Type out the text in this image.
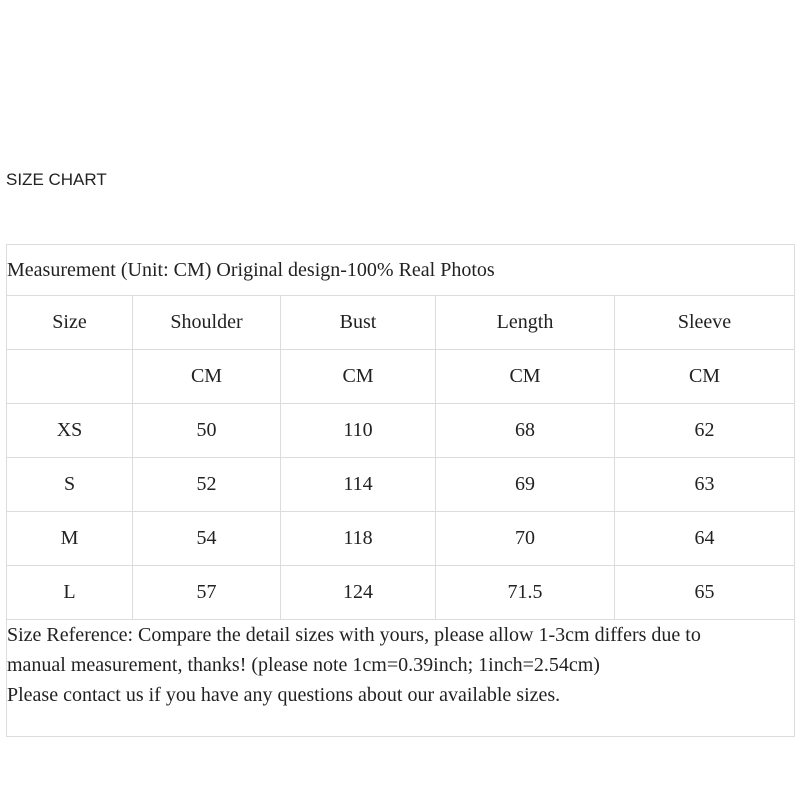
SIZE CHART
Measurement (Unit: CM) Original design-100% Real Photos				
Size	Shoulder	Bust	Length	Sleeve
	CM	CM	CM	CM
XS	50	110	68	62
S	52	114	69	63
M	54	118	70	64
L	57	124	71.5	65

Size Reference: Compare the detail sizes with yours, please allow 1-3cm differs due to
manual measurement, thanks! (please note 1cm=0.39inch; 1inch=2.54cm)
Please contact us if you have any questions about our available sizes.				
